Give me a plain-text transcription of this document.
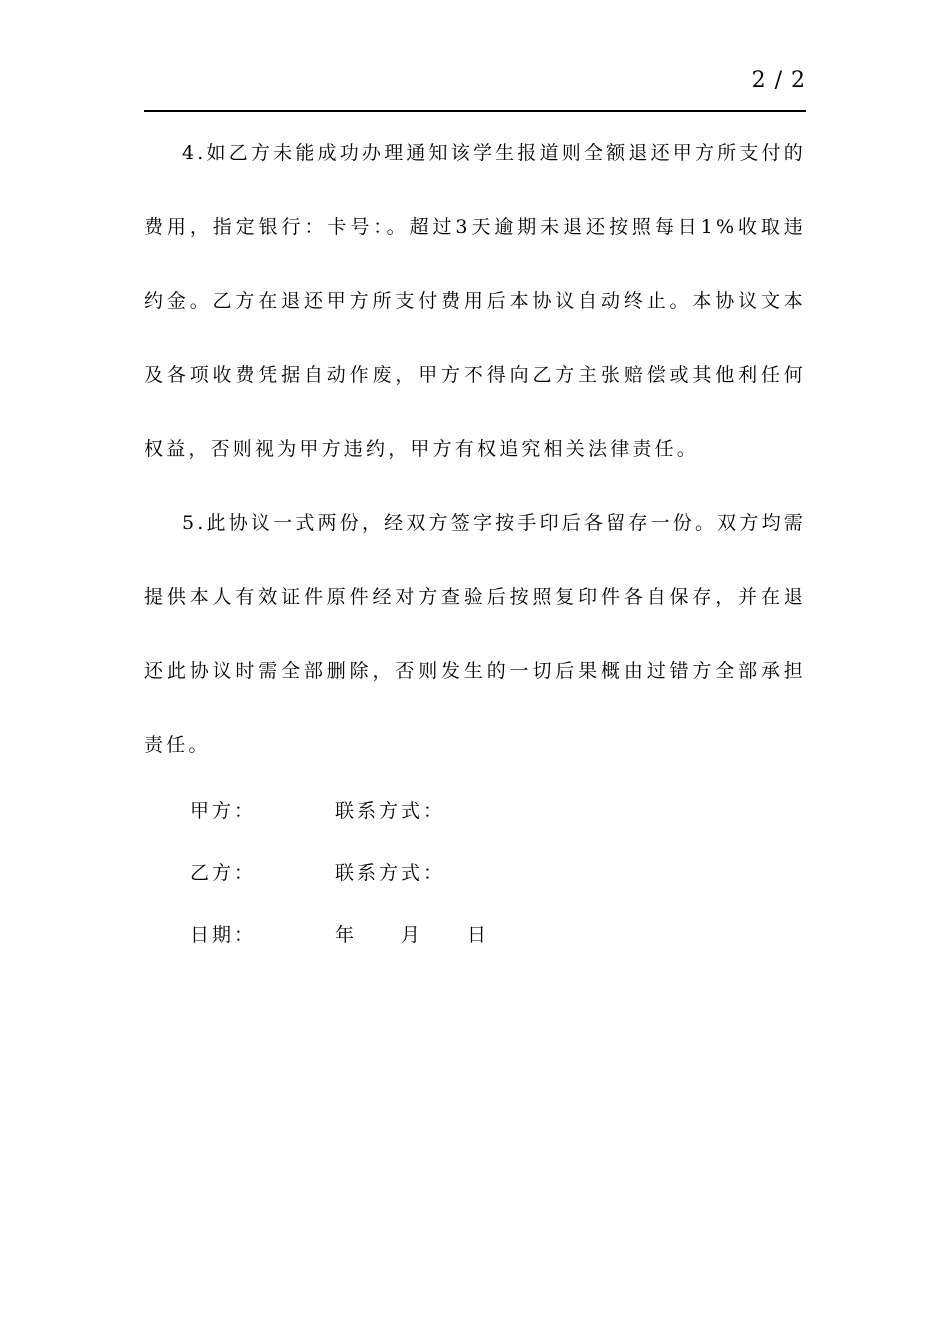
2 / 2

4.如乙方未能成功办理通知该学生报道则全额退还甲方所支付的费用，指定银行：卡号：。超过3天逾期未退还按照每日1%收取违约金。乙方在退还甲方所支付费用后本协议自动终止。本协议文本及各项收费凭据自动作废，甲方不得向乙方主张赔偿或其他利任何权益，否则视为甲方违约，甲方有权追究相关法律责任。

5.此协议一式两份，经双方签字按手印后各留存一份。双方均需提供本人有效证件原件经对方查验后按照复印件各自保存，并在退还此协议时需全部删除，否则发生的一切后果概由过错方全部承担责任。

甲方：	联系方式：
乙方：	联系方式：
日期：	年	月	日
